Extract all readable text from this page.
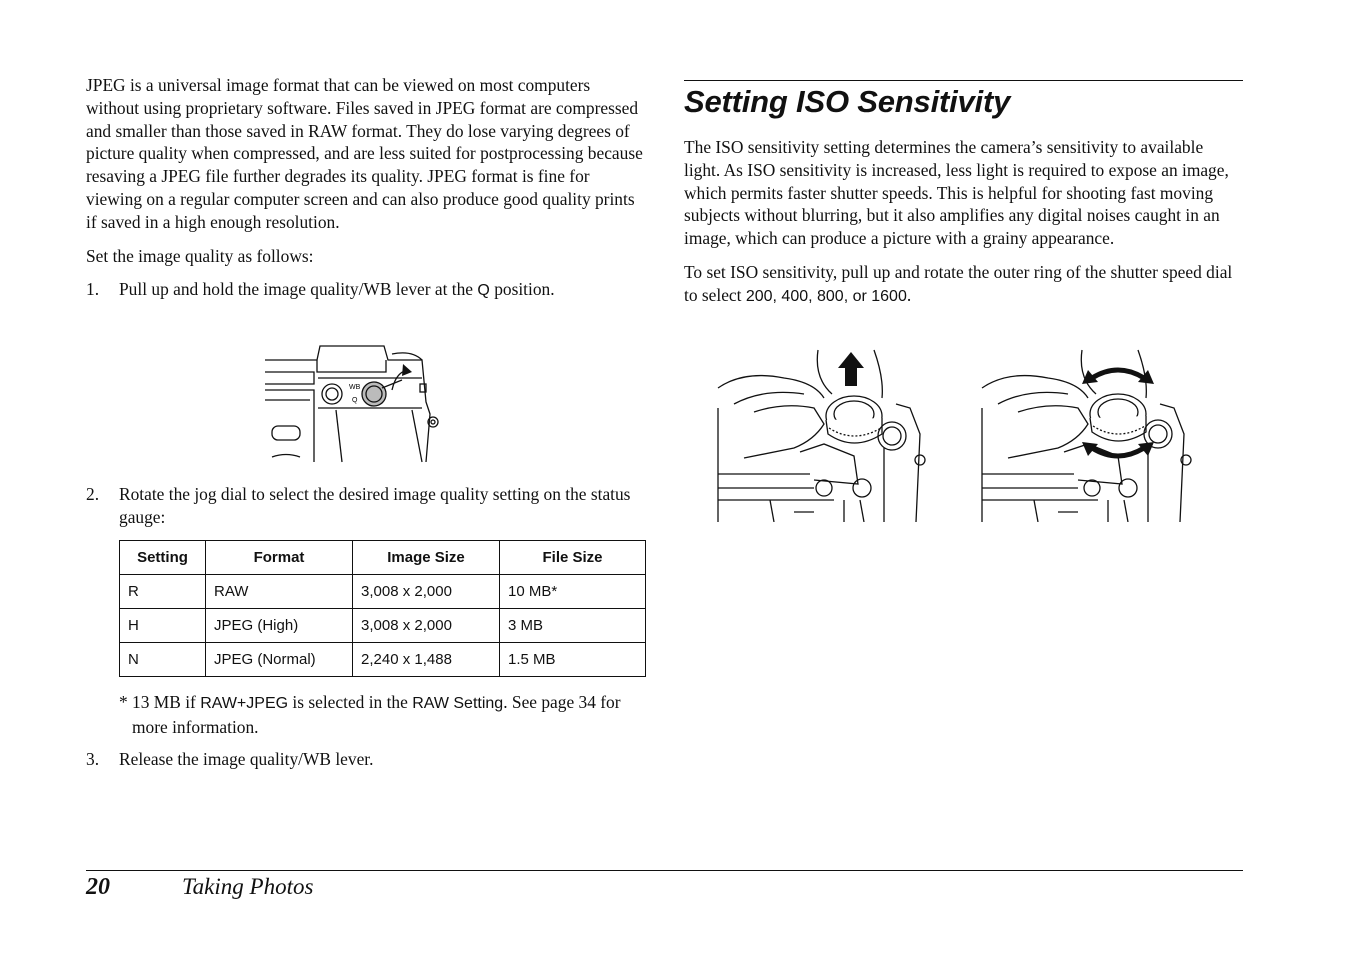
JPEG is a universal image format that can be viewed on most computers without using proprietary software. Files saved in JPEG format are compressed and smaller than those saved in RAW format. They do lose varying degrees of picture quality when compressed, and are less suited for postprocessing because resaving a JPEG file further degrades its quality. JPEG format is fine for viewing on a regular computer screen and can also produce good quality prints if saved in a high enough resolution.

Set the image quality as follows:

1. Pull up and hold the image quality/WB lever at the Q position.
WB
Q
2. Rotate the jog dial to select the desired image quality setting on the status gauge:
Setting	Format	Image Size	File Size
R	RAW	3,008 x 2,000	10 MB*
H	JPEG (High)	3,008 x 2,000	3 MB
N	JPEG (Normal)	2,240 x 1,488	1.5 MB

* 13 MB if RAW+JPEG is selected in the RAW Setting. See page 34 for more information.

3. Release the image quality/WB lever.
Setting ISO Sensitivity

The ISO sensitivity setting determines the camera’s sensitivity to available light. As ISO sensitivity is increased, less light is required to expose an image, which permits faster shutter speeds. This is helpful for shooting fast moving subjects without blurring, but it also amplifies any digital noises caught in an image, which can produce a picture with a grainy appearance.

To set ISO sensitivity, pull up and rotate the outer ring of the shutter speed dial to select 200, 400, 800, or 1600.

20	Taking Photos
